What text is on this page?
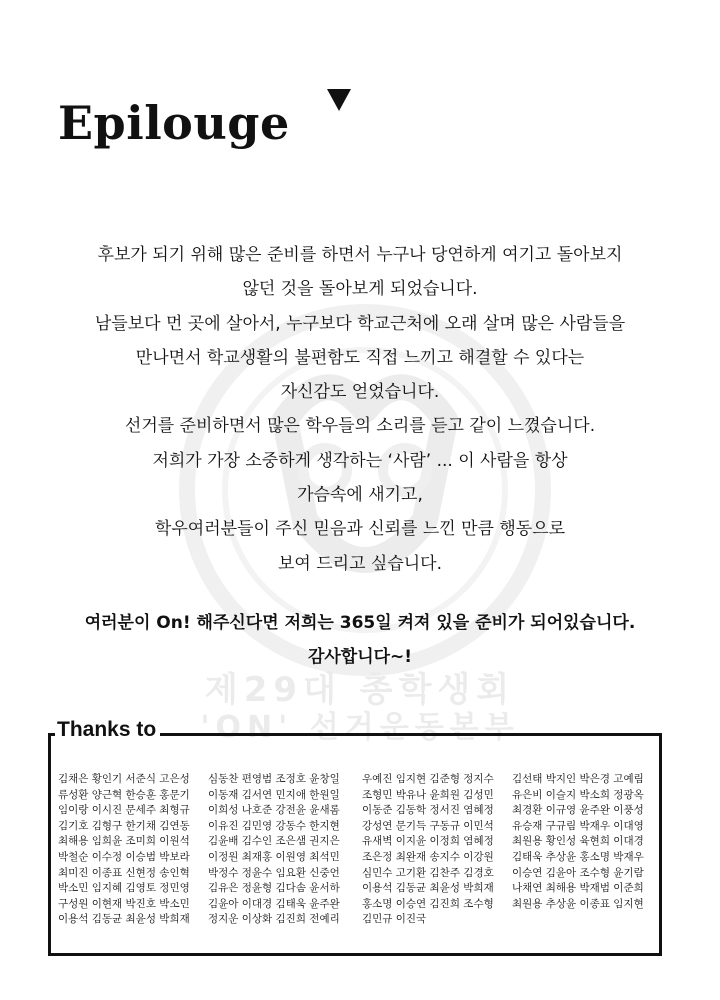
제29대 총학생회
'ON' 선거운동본부
Epilouge
후보가 되기 위해 많은 준비를 하면서 누구나 당연하게 여기고 돌아보지
않던 것을 돌아보게 되었습니다.
남들보다 먼 곳에 살아서, 누구보다 학교근처에 오래 살며 많은 사람들을
만나면서 학교생활의 불편함도 직접 느끼고 해결할 수 있다는
자신감도 얻었습니다.
선거를 준비하면서 많은 학우들의 소리를 듣고 같이 느꼈습니다.
저희가 가장 소중하게 생각하는 ‘사람’ ... 이 사람을 항상
가슴속에 새기고,
학우여러분들이 주신 믿음과 신뢰를 느낀 만큼 행동으로
보여 드리고 싶습니다.
여러분이 On! 해주신다면 저희는 365일 켜져 있을 준비가 되어있습니다.
감사합니다~!
Thanks to
김채은 황인기 서준식 고은성
류성환 양근혁 한승훈 홍문기
임이랑 이시진 문세주 최형규
김기호 김형구 한기채 김연동
최해용 임희윤 조미희 이원석
박철순 이수정 이승범 박보라
최미진 이종표 신현정 송인혁
박소민 임지혜 김영토 정민영
구성원 이현재 박진호 박소민
이용석 김동균 최윤성 박희재
심동찬 편영범 조정호 윤창일
이동재 김서연 민지애 한원일
이희성 나호준 강전윤 윤새롬
이유진 김민영 강동수 한지현
김윤배 김수인 조은샘 권지은
이정원 최재홍 이원영 최석민
박정수 정윤수 임요환 신중언
김유은 정윤형 김다솜 윤서하
김윤아 이대경 김태욱 윤주완
정지운 이상화 김진희 전예리
우예진 임지현 김준형 정지수
조형민 박유나 윤희원 김성민
이동준 김동학 정서진 염혜정
강성연 문기득 구동규 이민석
유새벽 이지윤 이정희 염혜정
조은정 최완재 송지수 이강원
심민수 고기환 김찬주 김경호
이용석 김동균 최윤성 박희재
홍소명 이승연 김진희 조수형
김민규 이진국
김선태 박지인 박은경 고예림
유은비 이슬지 박소희 정광옥
최경환 이규영 윤주완 이풍성
유승재 구규림 박재우 이대영
최원용 황인성 육현희 이대경
김태욱 추상윤 홍소명 박재우
이승연 김윤아 조수형 윤기람
나채연 최해용 박재범 이준희
최원용 추상윤 이종표 임지현
